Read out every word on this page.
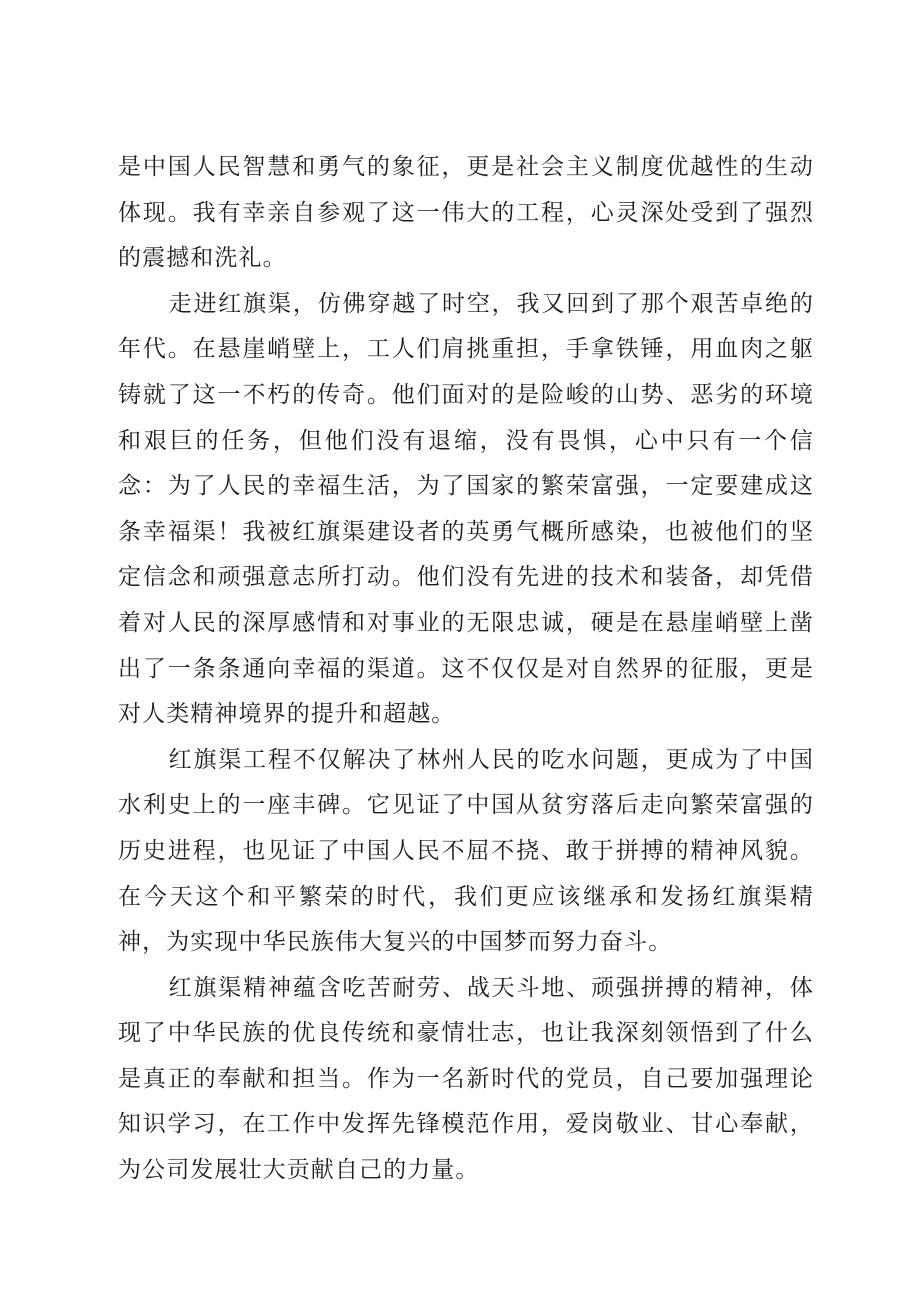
是中国人民智慧和勇气的象征，更是社会主义制度优越性的生动体现。我有幸亲自参观了这一伟大的工程，心灵深处受到了强烈的震撼和洗礼。

走进红旗渠，仿佛穿越了时空，我又回到了那个艰苦卓绝的年代。在悬崖峭壁上，工人们肩挑重担，手拿铁锤，用血肉之躯铸就了这一不朽的传奇。他们面对的是险峻的山势、恶劣的环境和艰巨的任务，但他们没有退缩，没有畏惧，心中只有一个信念：为了人民的幸福生活，为了国家的繁荣富强，一定要建成这条幸福渠！我被红旗渠建设者的英勇气概所感染，也被他们的坚定信念和顽强意志所打动。他们没有先进的技术和装备，却凭借着对人民的深厚感情和对事业的无限忠诚，硬是在悬崖峭壁上凿出了一条条通向幸福的渠道。这不仅仅是对自然界的征服，更是对人类精神境界的提升和超越。

红旗渠工程不仅解决了林州人民的吃水问题，更成为了中国水利史上的一座丰碑。它见证了中国从贫穷落后走向繁荣富强的历史进程，也见证了中国人民不屈不挠、敢于拼搏的精神风貌。在今天这个和平繁荣的时代，我们更应该继承和发扬红旗渠精神，为实现中华民族伟大复兴的中国梦而努力奋斗。

红旗渠精神蕴含吃苦耐劳、战天斗地、顽强拼搏的精神，体现了中华民族的优良传统和豪情壮志，也让我深刻领悟到了什么是真正的奉献和担当。作为一名新时代的党员，自己要加强理论知识学习，在工作中发挥先锋模范作用，爱岗敬业、甘心奉献，为公司发展壮大贡献自己的力量。
